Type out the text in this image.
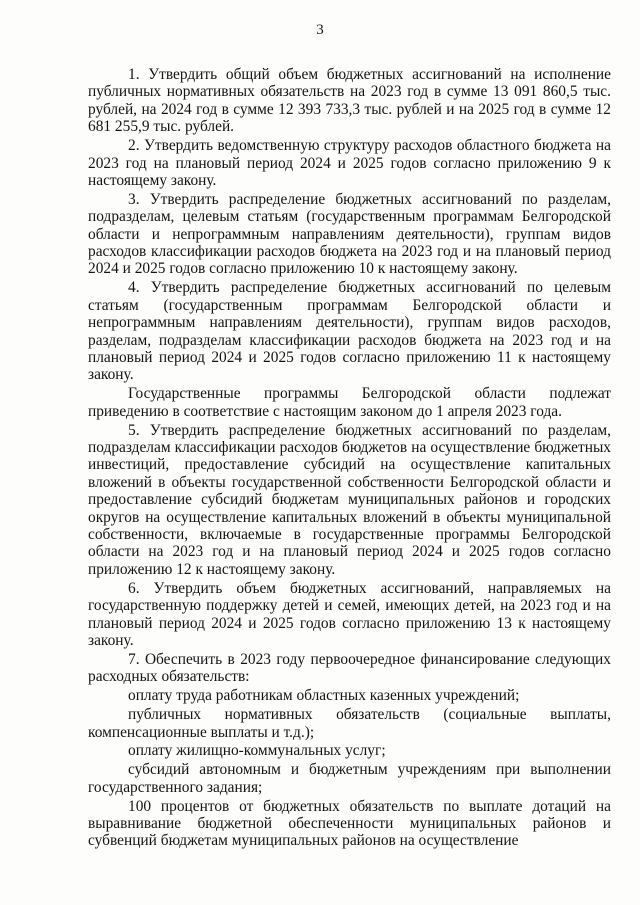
3

1. Утвердить общий объем бюджетных ассигнований на исполнение публичных нормативных обязательств на 2023 год в сумме 13 091 860,5 тыс. рублей, на 2024 год в сумме 12 393 733,3 тыс. рублей и на 2025 год в сумме 12 681 255,9 тыс. рублей.

2. Утвердить ведомственную структуру расходов областного бюджета на 2023 год на плановый период 2024 и 2025 годов согласно приложению 9 к настоящему закону.

3. Утвердить распределение бюджетных ассигнований по разделам, подразделам, целевым статьям (государственным программам Белгородской области и непрограммным направлениям деятельности), группам видов расходов классификации расходов бюджета на 2023 год и на плановый период 2024 и 2025 годов согласно приложению 10 к настоящему закону.

4. Утвердить распределение бюджетных ассигнований по целевым статьям (государственным программам Белгородской области и непрограммным направлениям деятельности), группам видов расходов, разделам, подразделам классификации расходов бюджета на 2023 год и на плановый период 2024 и 2025 годов согласно приложению 11 к настоящему закону.

Государственные программы Белгородской области подлежат приведению в соответствие с настоящим законом до 1 апреля 2023 года.

5. Утвердить распределение бюджетных ассигнований по разделам, подразделам классификации расходов бюджетов на осуществление бюджетных инвестиций, предоставление субсидий на осуществление капитальных вложений в объекты государственной собственности Белгородской области и предоставление субсидий бюджетам муниципальных районов и городских округов на осуществление капитальных вложений в объекты муниципальной собственности, включаемые в государственные программы Белгородской области на 2023 год и на плановый период 2024 и 2025 годов согласно приложению 12 к настоящему закону.

6. Утвердить объем бюджетных ассигнований, направляемых на государственную поддержку детей и семей, имеющих детей, на 2023 год и на плановый период 2024 и 2025 годов согласно приложению 13 к настоящему закону.

7. Обеспечить в 2023 году первоочередное финансирование следующих расходных обязательств:

оплату труда работникам областных казенных учреждений;

публичных нормативных обязательств (социальные выплаты, компенсационные выплаты и т.д.);

оплату жилищно-коммунальных услуг;

субсидий автономным и бюджетным учреждениям при выполнении государственного задания;

100 процентов от бюджетных обязательств по выплате дотаций на выравнивание бюджетной обеспеченности муниципальных районов и субвенций бюджетам муниципальных районов на осуществление
